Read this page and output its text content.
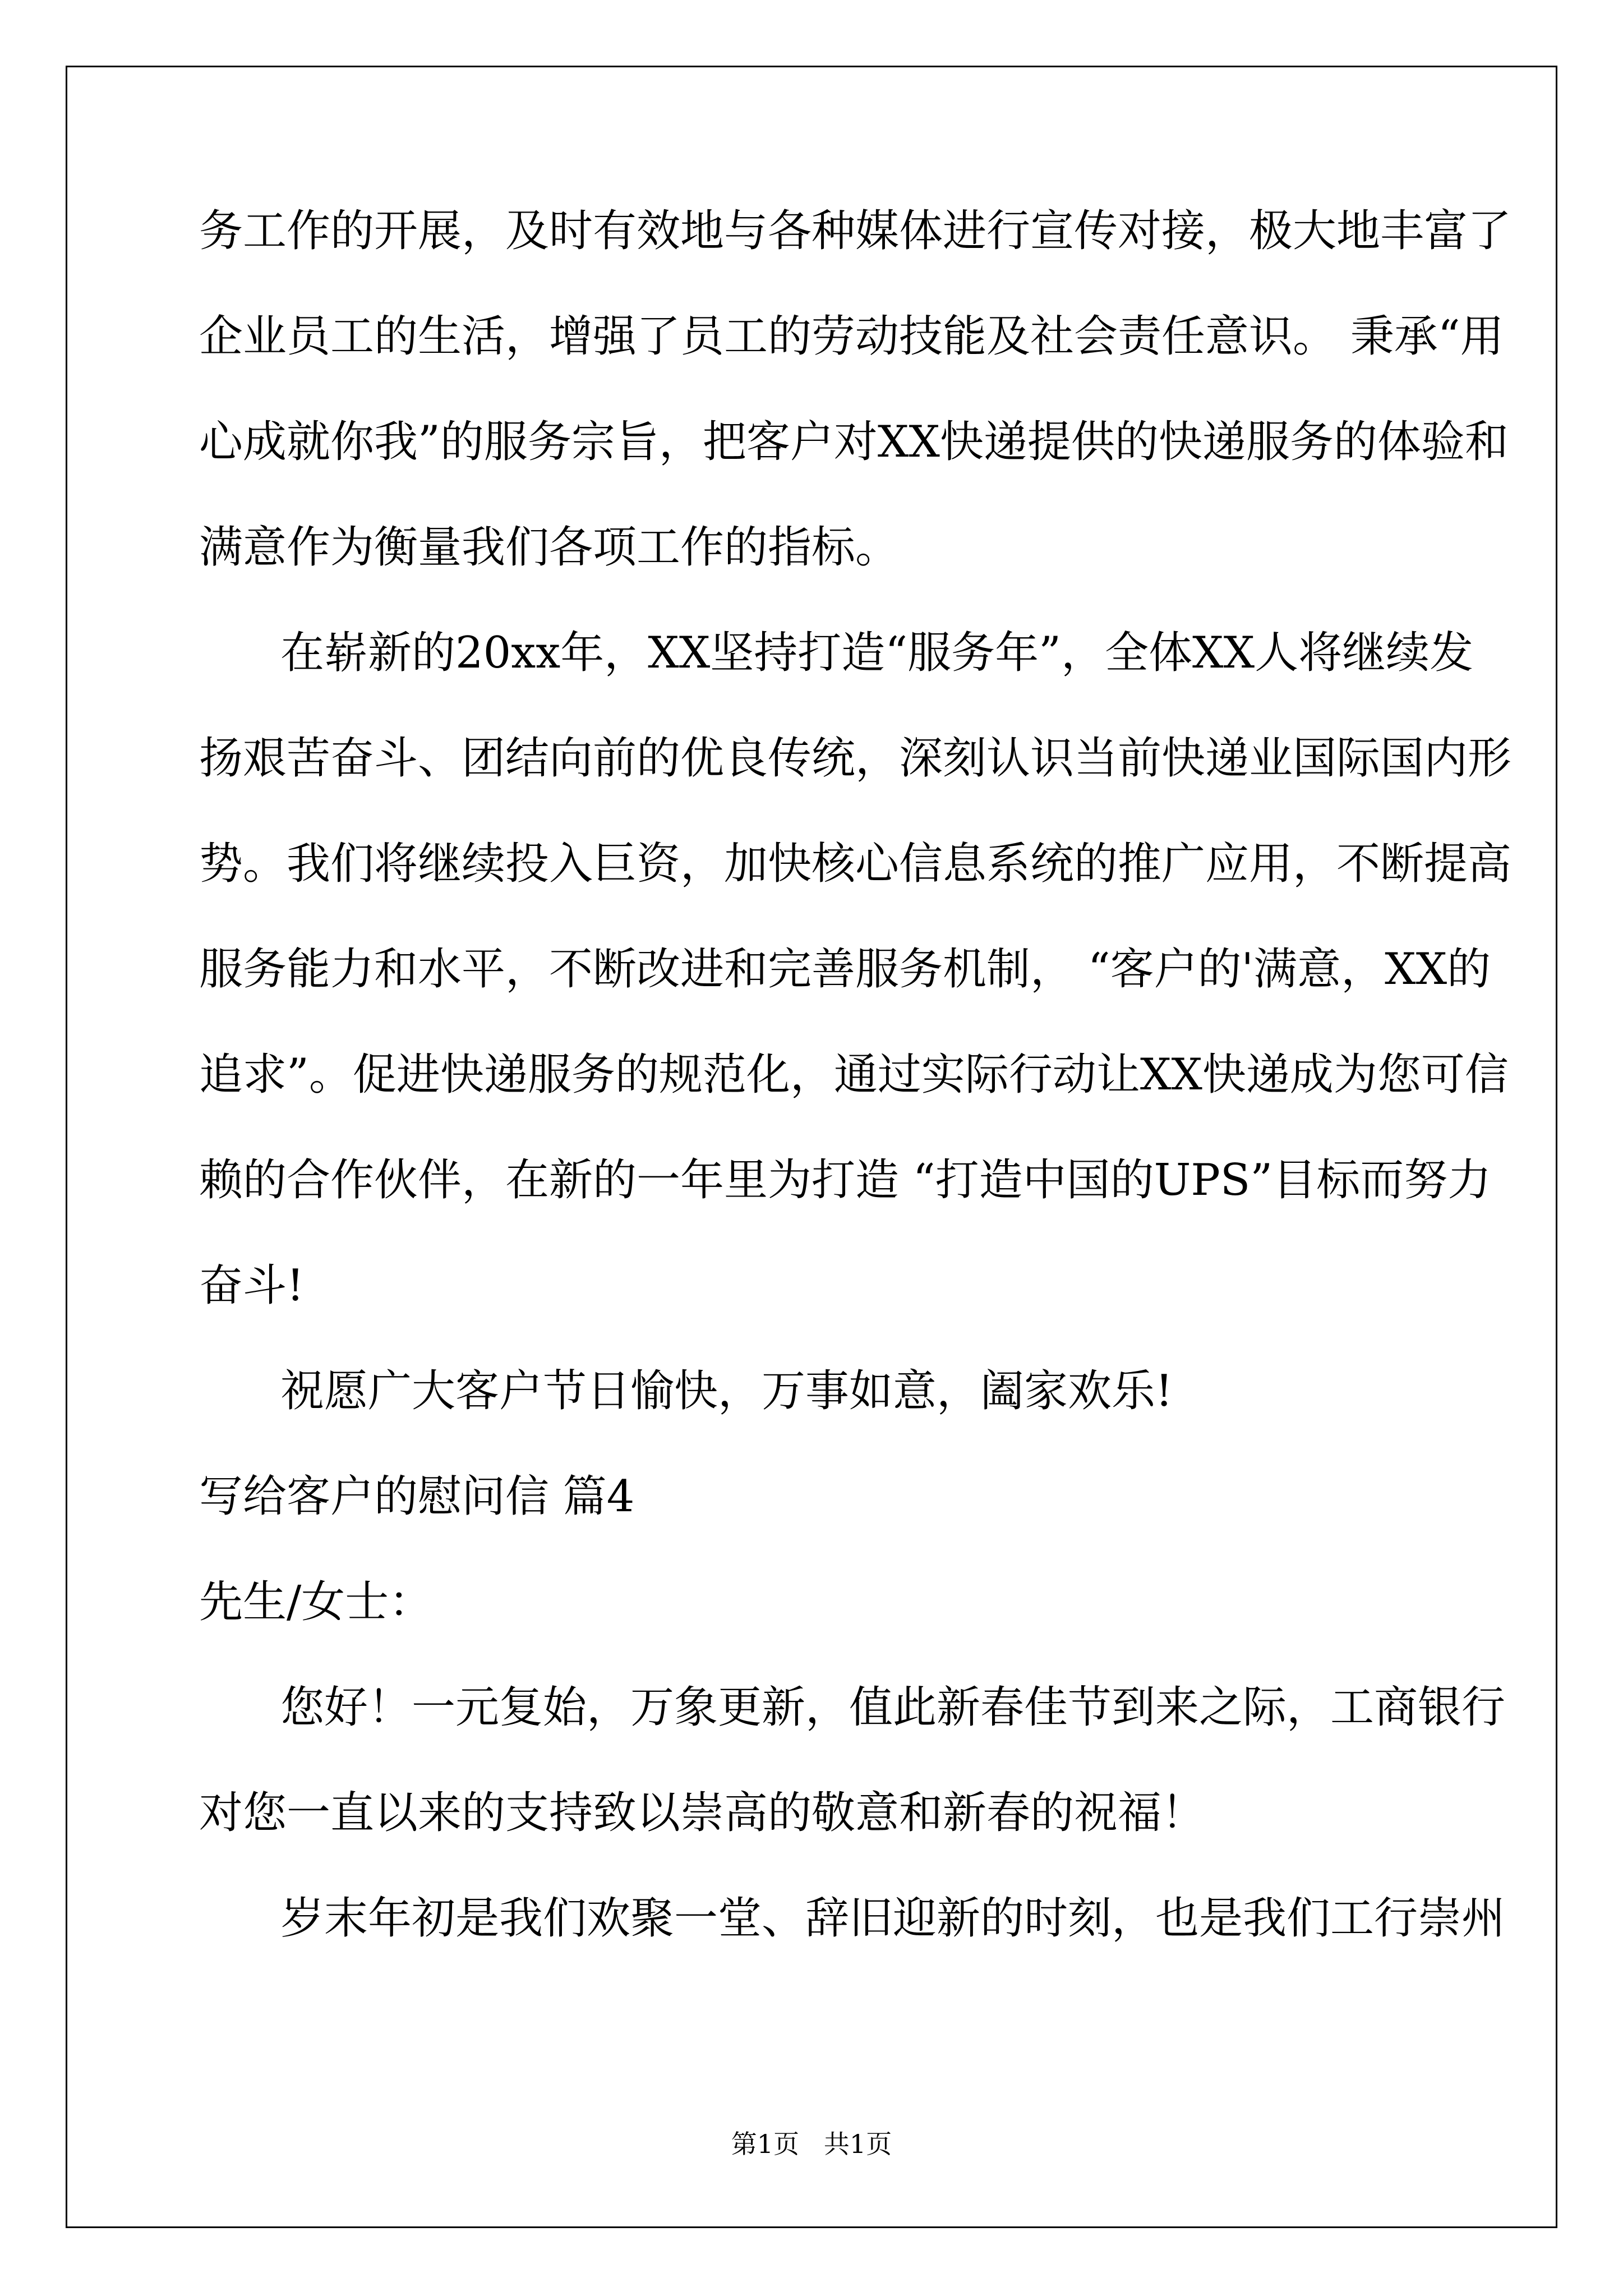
务工作的开展，及时有效地与各种媒体进行宣传对接，极大地丰富了

企业员工的生活，增强了员工的劳动技能及社会责任意识。 秉承“用

心成就你我”的服务宗旨，把客户对XX快递提供的快递服务的体验和

满意作为衡量我们各项工作的指标。

在崭新的20xx年，XX坚持打造“服务年”，全体XX人将继续发

扬艰苦奋斗、团结向前的优良传统，深刻认识当前快递业国际国内形

势。我们将继续投入巨资，加快核心信息系统的推广应用，不断提高

服务能力和水平，不断改进和完善服务机制， “客户的'满意，XX的

追求”。促进快递服务的规范化，通过实际行动让XX快递成为您可信

赖的合作伙伴，在新的一年里为打造 “打造中国的UPS”目标而努力

奋斗!

祝愿广大客户节日愉快，万事如意，阖家欢乐!

写给客户的慰问信 篇4

先生/女士：

您好！一元复始，万象更新，值此新春佳节到来之际，工商银行

对您一直以来的支持致以崇高的敬意和新春的祝福！

岁末年初是我们欢聚一堂、辞旧迎新的时刻，也是我们工行崇州

第1页   共1页
